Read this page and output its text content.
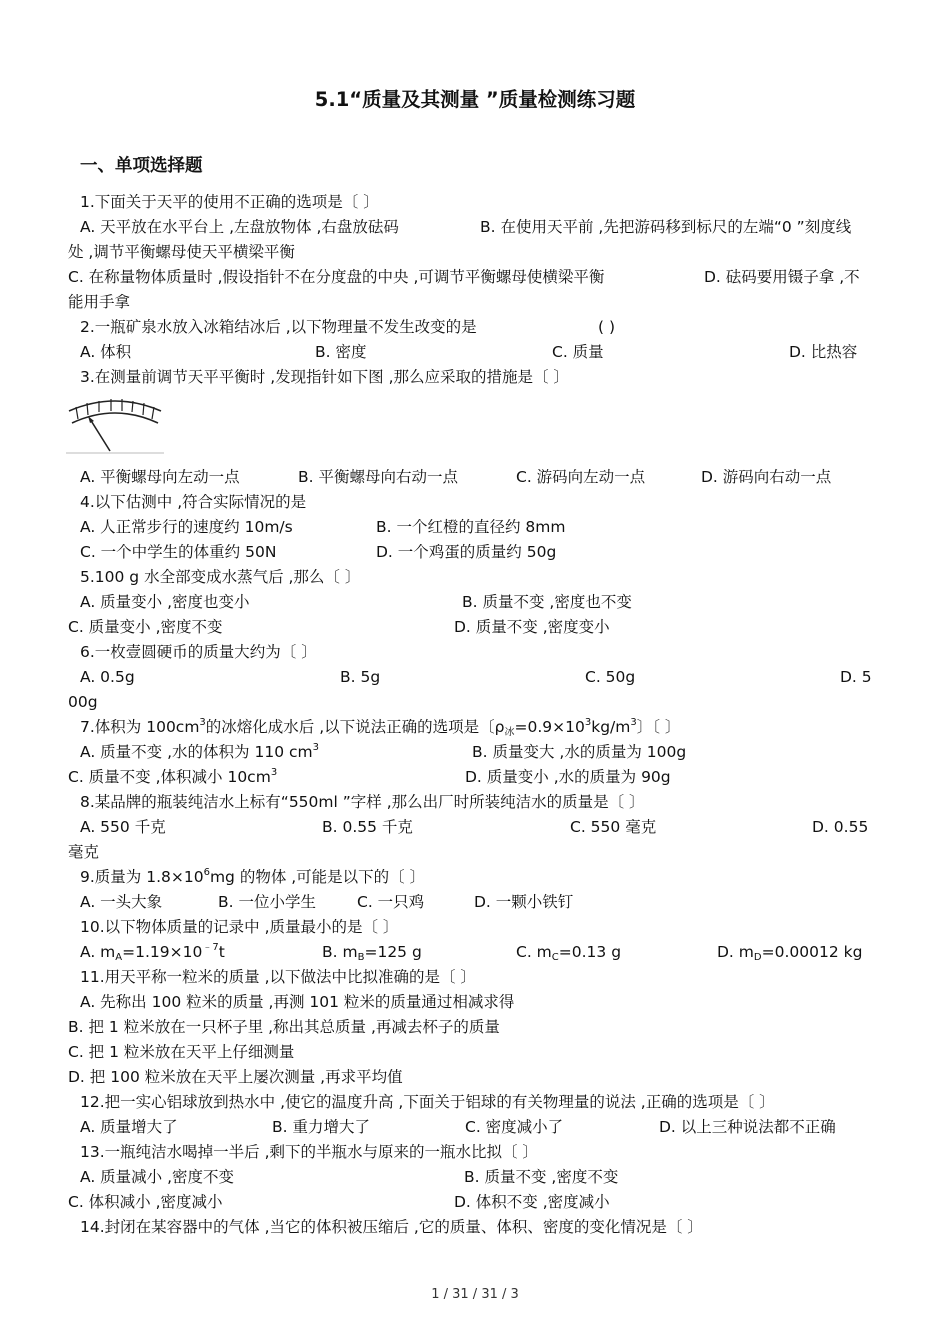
5.1“质量及其测量 ”质量检测练习题
一、单项选择题
1.下面关于天平的使用不正确的选项是〔 〕
A. 天平放在水平台上 ,左盘放物体 ,右盘放砝码	B. 在使用天平前 ,先把游码移到标尺的左端“0 ”刻度线
处 ,调节平衡螺母使天平横梁平衡
C. 在称量物体质量时 ,假设指针不在分度盘的中央 ,可调节平衡螺母使横梁平衡	D. 砝码要用镊子拿 ,不
能用手拿
2.一瓶矿泉水放入冰箱结冰后 ,以下物理量不发生改变的是	( )
A. 体积	B. 密度	C. 质量	D. 比热容
3.在测量前调节天平平衡时 ,发现指针如下图 ,那么应采取的措施是〔 〕
A. 平衡螺母向左动一点	B. 平衡螺母向右动一点	C. 游码向左动一点	D. 游码向右动一点
4.以下估测中 ,符合实际情况的是
A. 人正常步行的速度约 10m/s	B. 一个红橙的直径约 8mm
C. 一个中学生的体重约 50N	D. 一个鸡蛋的质量约 50g
5.100 g 水全部变成水蒸气后 ,那么〔 〕
A. 质量变小 ,密度也变小	B. 质量不变 ,密度也不变
C. 质量变小 ,密度不变	D. 质量不变 ,密度变小
6.一枚壹圆硬币的质量大约为〔 〕
A. 0.5g	B. 5g	C. 50g	D. 5
00g
7.体积为 $100cm^3$的冰熔化成水后 ,以下说法正确的选项是〔$\rho_冰=0.9\times 10^3kg/m^3$〕〔 〕
A. 质量不变 ,水的体积为 110 $cm^3$	B. 质量变大 ,水的质量为 100g
C. 质量不变 ,体积减小 $10cm^3$	D. 质量变小 ,水的质量为 90g
8.某品牌的瓶装纯洁水上标有“550ml ”字样 ,那么出厂时所装纯洁水的质量是〔 〕
A. 550 千克	B. 0.55 千克	C. 550 毫克	D. 0.55
毫克
9.质量为 $1.8\times 10^6mg$ 的物体 ,可能是以下的〔 〕
A. 一头大象	B. 一位小学生	C. 一只鸡	D. 一颗小铁钉
10.以下物体质量的记录中 ,质量最小的是〔 〕
A. $m_A=1.19\times 10^{﹣7}t$	B. $m_B=125$ g	C. $m_C=0.13$ g	D. $m_D=0.00012$ kg
11.用天平称一粒米的质量 ,以下做法中比拟准确的是〔 〕
A. 先称出 100 粒米的质量 ,再测 101 粒米的质量通过相减求得
B. 把 1 粒米放在一只杯子里 ,称出其总质量 ,再减去杯子的质量
C. 把 1 粒米放在天平上仔细测量
D. 把 100 粒米放在天平上屡次测量 ,再求平均值
12.把一实心铝球放到热水中 ,使它的温度升高 ,下面关于铝球的有关物理量的说法 ,正确的选项是〔 〕
A. 质量增大了	B. 重力增大了	C. 密度减小了	D. 以上三种说法都不正确
13.一瓶纯洁水喝掉一半后 ,剩下的半瓶水与原来的一瓶水比拟〔 〕
A. 质量减小 ,密度不变	B. 质量不变 ,密度不变
C. 体积减小 ,密度减小	D. 体积不变 ,密度减小
14.封闭在某容器中的气体 ,当它的体积被压缩后 ,它的质量、体积、密度的变化情况是〔 〕
1 / 31 / 31 / 3
